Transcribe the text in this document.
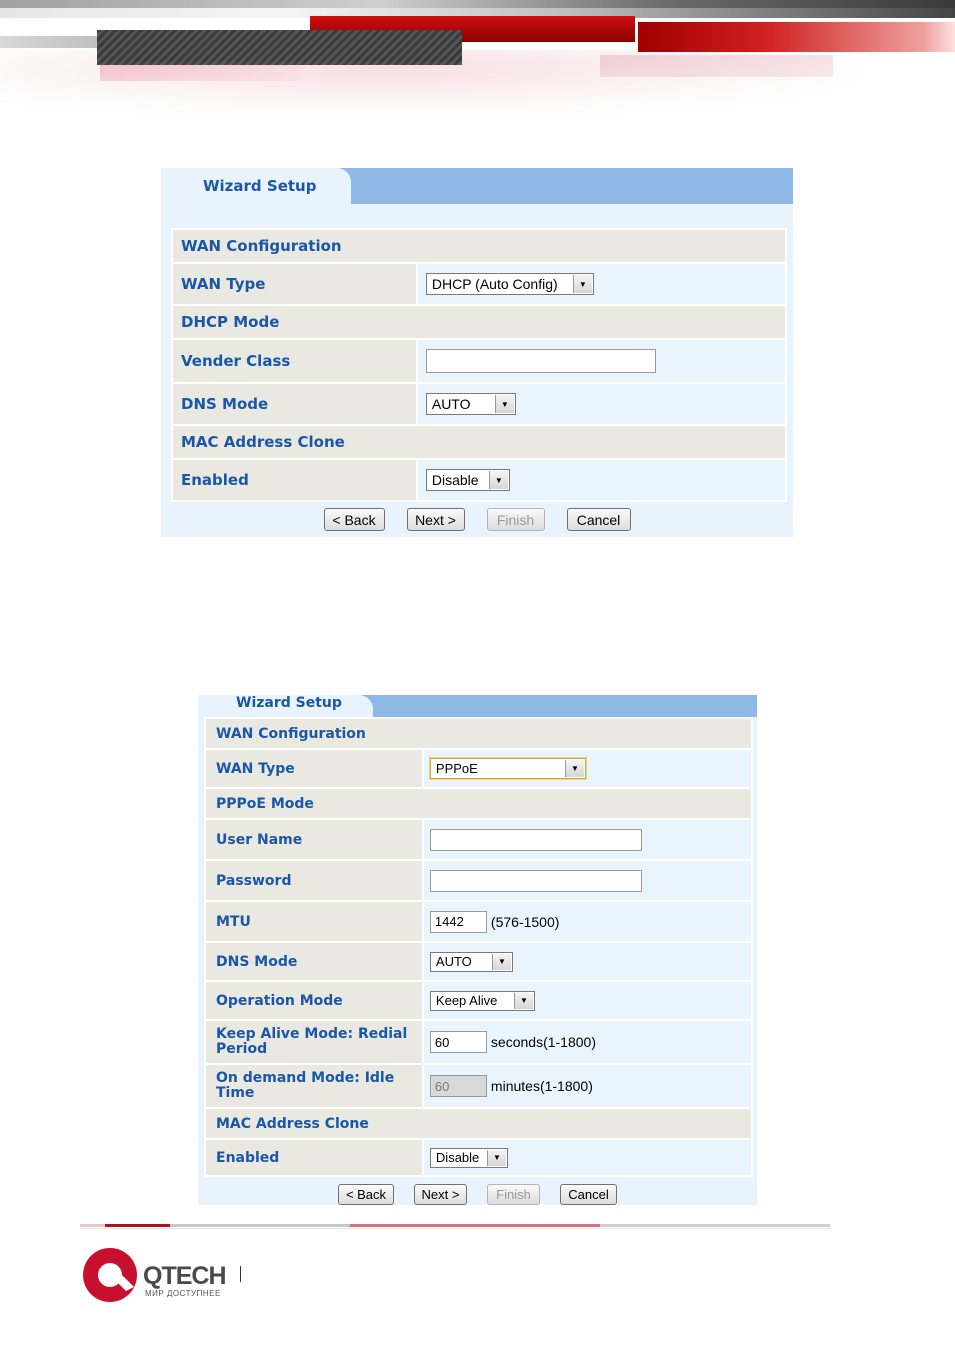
Wizard Setup
WAN Configuration	
WAN Type	DHCP (Auto Config) ▼

DHCP Mode	
Vender Class	

DNS Mode	AUTO ▼

MAC Address Clone	
Enabled	Disable ▼
< Back	Next >	Finish	Cancel
Wizard Setup
WAN Configuration	
WAN Type	PPPoE ▼

PPPoE Mode	
User Name	

Password	

MTU	1442 (576-1500)

DNS Mode	AUTO ▼

Operation Mode	Keep Alive ▼

Keep Alive Mode: Redial Period	60 seconds(1-1800)

On demand Mode: Idle Time	60 minutes(1-1800)

MAC Address Clone	
Enabled	Disable ▼
< Back	Next >	Finish	Cancel
QTECH
МИР ДОСТУПНЕЕ
